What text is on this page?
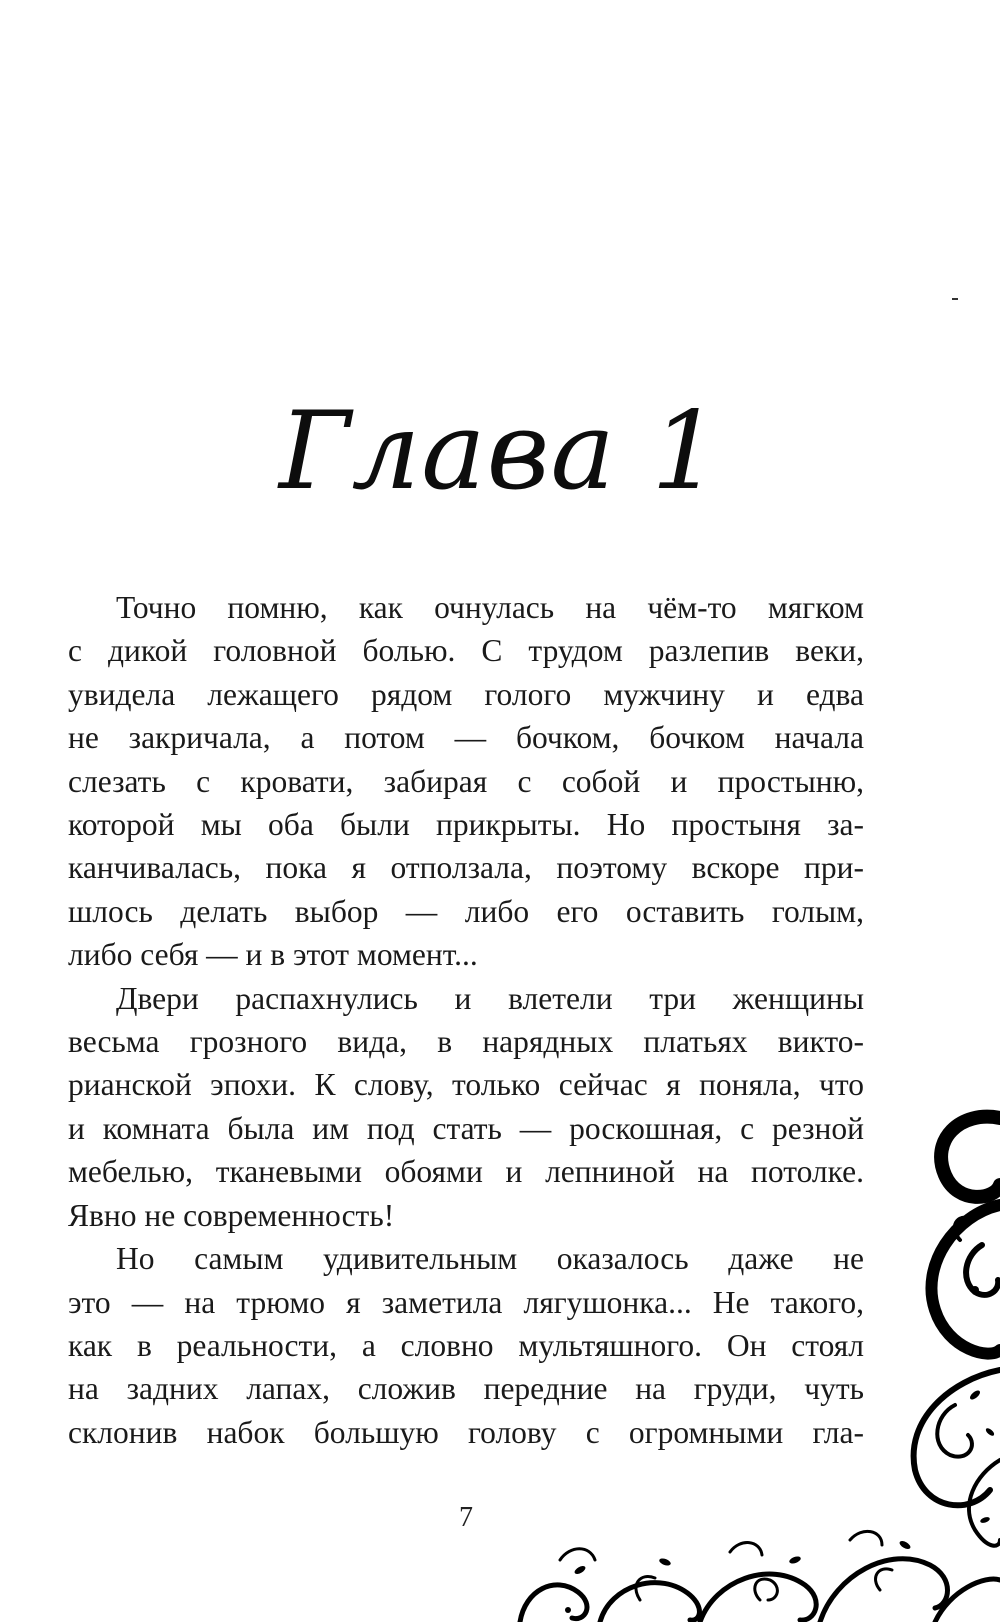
Глава 1

Точно помню, как очнулась на чём-то мягком
с дикой головной болью. С трудом разлепив веки,
увидела лежащего рядом голого мужчину и едва
не закричала, а потом — бочком, бочком начала
слезать с кровати, забирая с собой и простыню,
которой мы оба были прикрыты. Но простыня за-
канчивалась, пока я отползала, поэтому вскоре при-
шлось делать выбор — либо его оставить голым,
либо себя — и в этот момент...

Двери распахнулись и влетели три женщины
весьма грозного вида, в нарядных платьях викто-
рианской эпохи. К слову, только сейчас я поняла, что
и комната была им под стать — роскошная, с резной
мебелью, тканевыми обоями и лепниной на потолке.
Явно не современность!

Но самым удивительным оказалось даже не
это — на трюмо я заметила лягушонка... Не такого,
как в реальности, а словно мультяшного. Он стоял
на задних лапах, сложив передние на груди, чуть
склонив набок большую голову с огромными гла-

7
